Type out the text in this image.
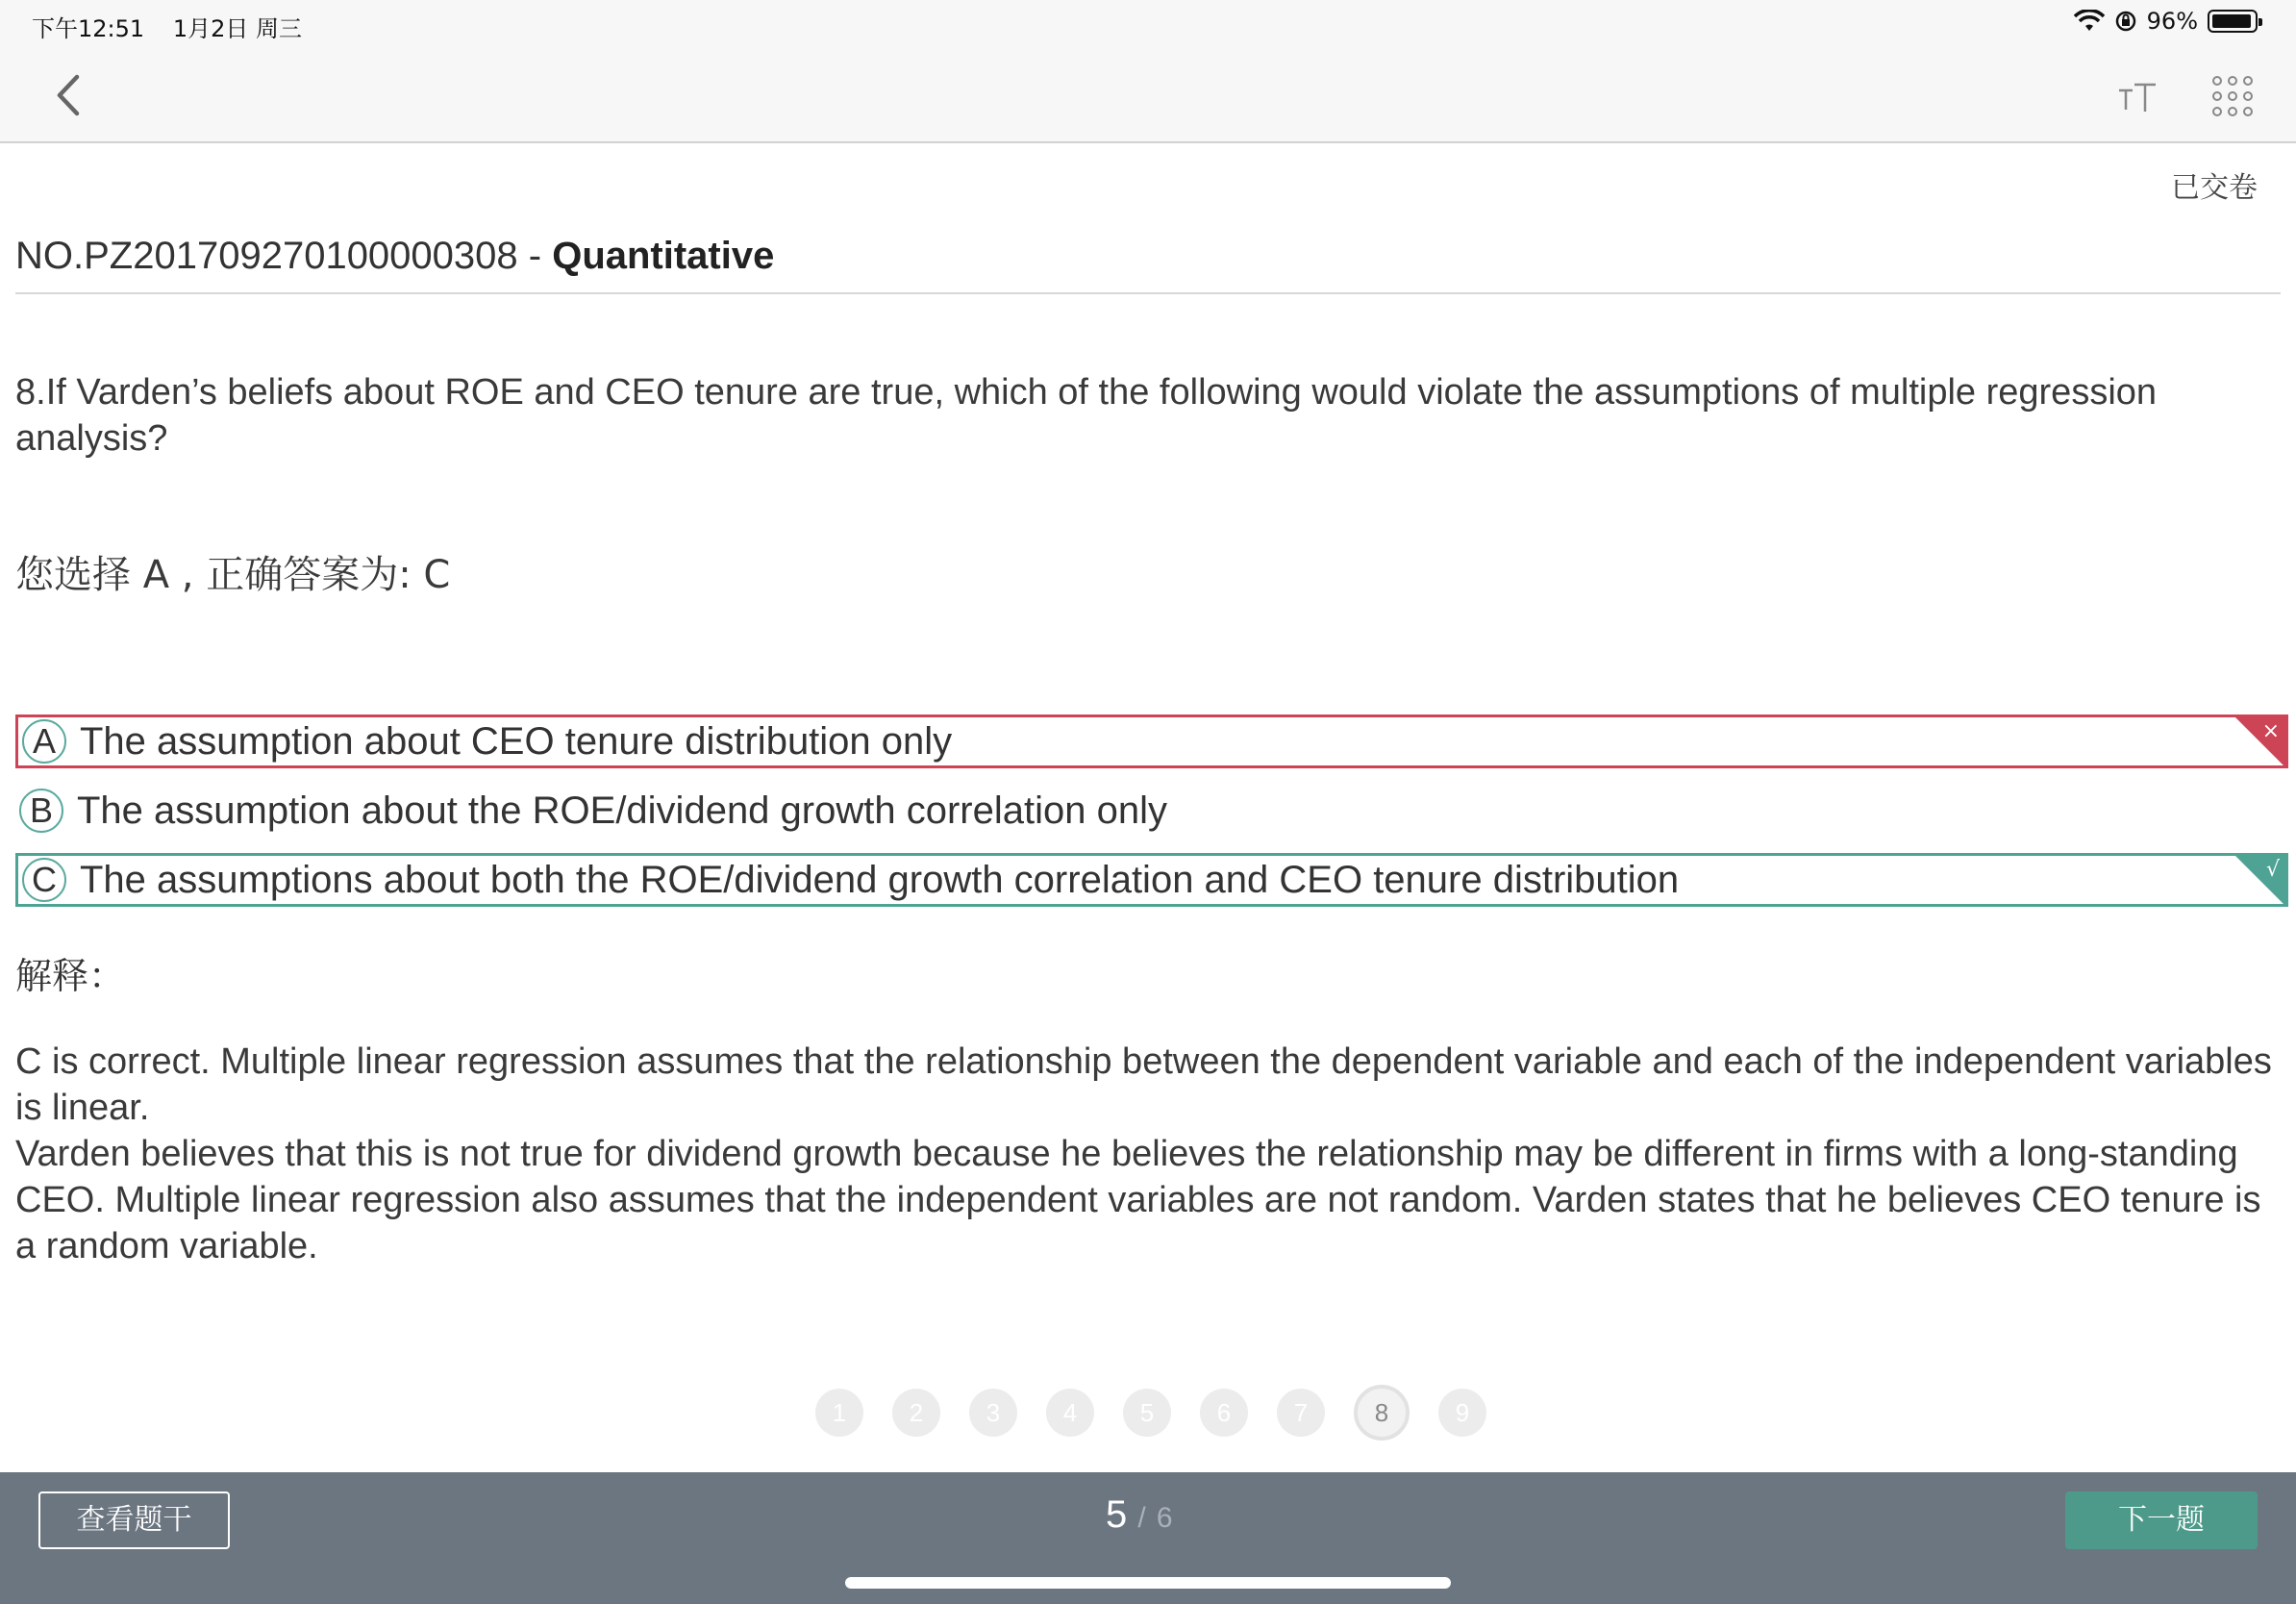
下午12:51 1月2日 周三	96%
已交卷
NO.PZ201709270100000308 - Quantitative
8.If Varden’s beliefs about ROE and CEO tenure are true, which of the following would violate the assumptions of multiple regression analysis?
您选择 A , 正确答案为: C
A The assumption about CEO tenure distribution only	×
B The assumption about the ROE/dividend growth correlation only
C The assumptions about both the ROE/dividend growth correlation and CEO tenure distribution	√
解释：

C is correct. Multiple linear regression assumes that the relationship between the dependent variable and each of the independent variables is linear.

Varden believes that this is not true for dividend growth because he believes the relationship may be different in firms with a long-standing CEO. Multiple linear regression also assumes that the independent variables are not random. Varden states that he believes CEO tenure is a random variable.

1	2	3	4	5	6	7	8	9
查看题干	5 / 6	下一题
